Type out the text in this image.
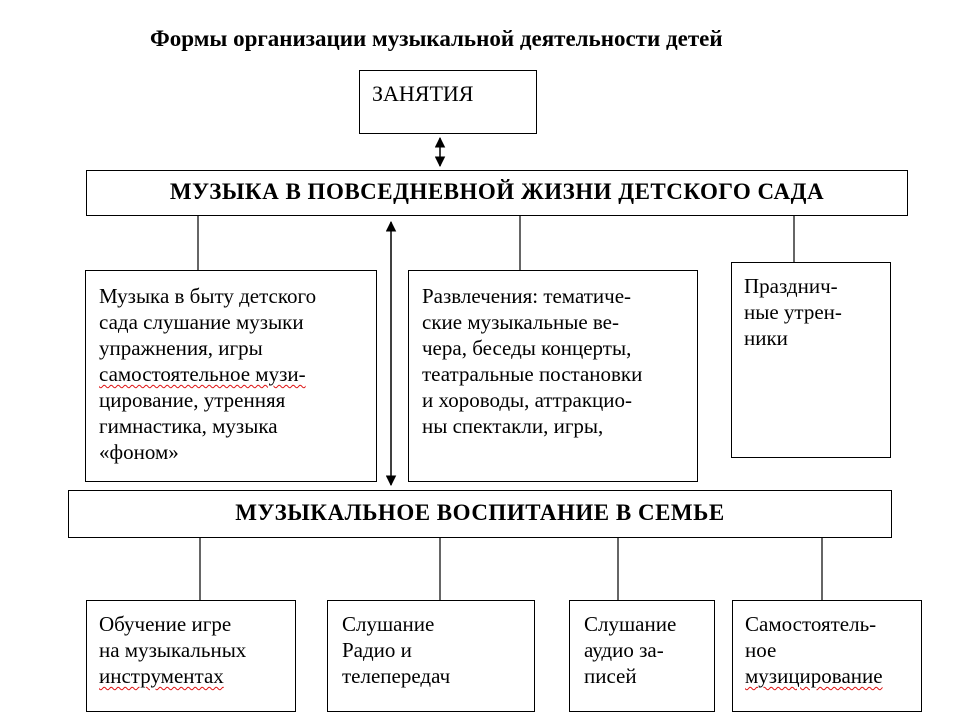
Формы организации музыкальной деятельности детей
ЗАНЯТИЯ
МУЗЫКА В ПОВСЕДНЕВНОЙ ЖИЗНИ ДЕТСКОГО САДА
Музыка в быту детского
сада слушание музыки
упражнения, игры
самостоятельное музи-
цирование, утренняя
гимнастика, музыка
«фоном»
Развлечения: тематиче-
ские музыкальные ве-
чера, беседы концерты,
театральные постановки
и хороводы, аттракцио-
ны спектакли, игры,
Празднич-
ные утрен-
ники
МУЗЫКАЛЬНОЕ ВОСПИТАНИЕ В СЕМЬЕ
Обучение игре
на музыкальных
инструментах
Слушание
Радио и
телепередач
Слушание
аудио за-
писей
Самостоятель-
ное
музицирование
